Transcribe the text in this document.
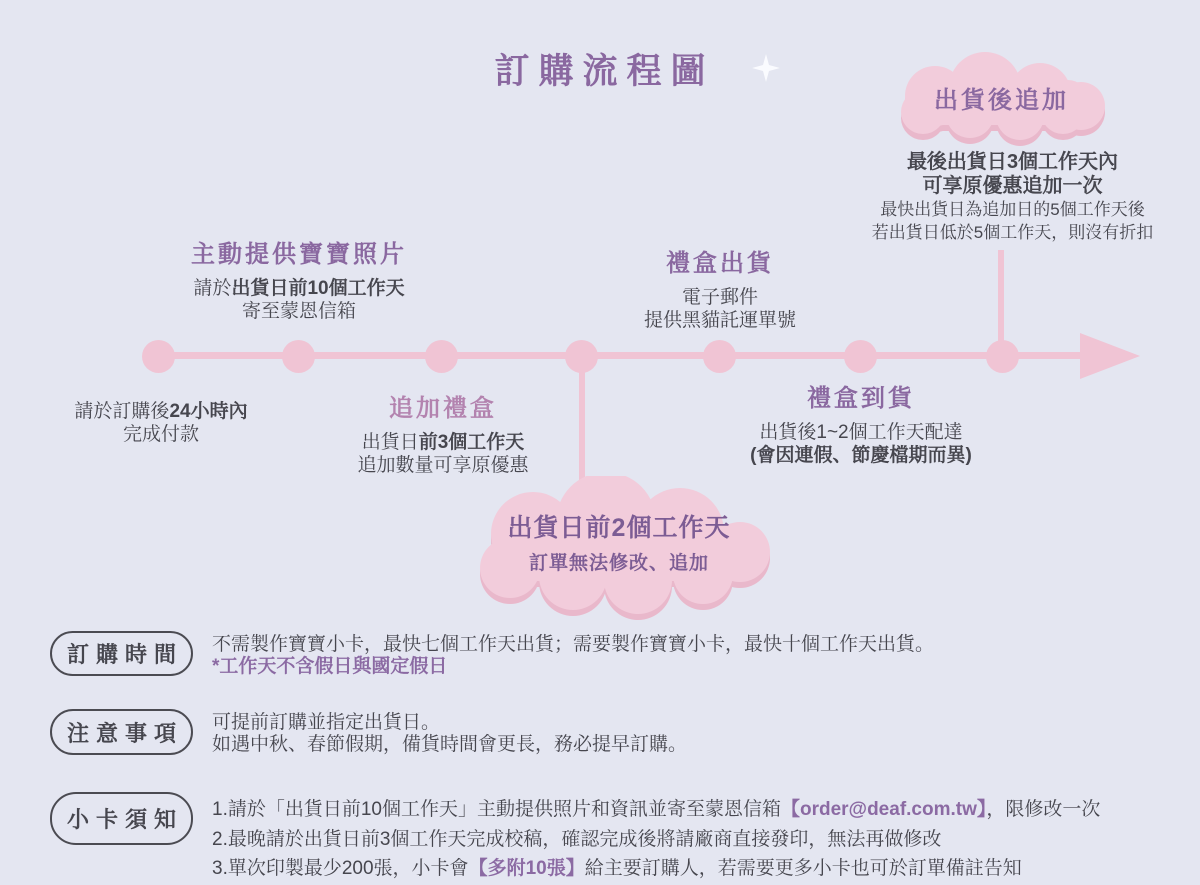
訂購流程圖
出貨後追加
最後出貨日3個工作天內
可享原優惠追加一次
最快出貨日為追加日的5個工作天後
若出貨日低於5個工作天，則沒有折扣
主動提供寶寶照片
請於出貨日前10個工作天
寄至蒙恩信箱
禮盒出貨
電子郵件
提供黑貓託運單號
請於訂購後24小時內
完成付款
追加禮盒
出貨日前3個工作天
追加數量可享原優惠
禮盒到貨
出貨後1~2個工作天配達
(會因連假、節慶檔期而異)
出貨日前2個工作天
訂單無法修改、追加
訂購時間 不需製作寶寶小卡，最快七個工作天出貨；需要製作寶寶小卡，最快十個工作天出貨。
*工作天不含假日與國定假日
注意事項 可提前訂購並指定出貨日。
如遇中秋、春節假期，備貨時間會更長，務必提早訂購。
小卡須知 1.請於「出貨日前10個工作天」主動提供照片和資訊並寄至蒙恩信箱【order@deaf.com.tw】，限修改一次
2.最晚請於出貨日前3個工作天完成校稿，確認完成後將請廠商直接發印，無法再做修改
3.單次印製最少200張，小卡會【多附10張】給主要訂購人，若需要更多小卡也可於訂單備註告知
